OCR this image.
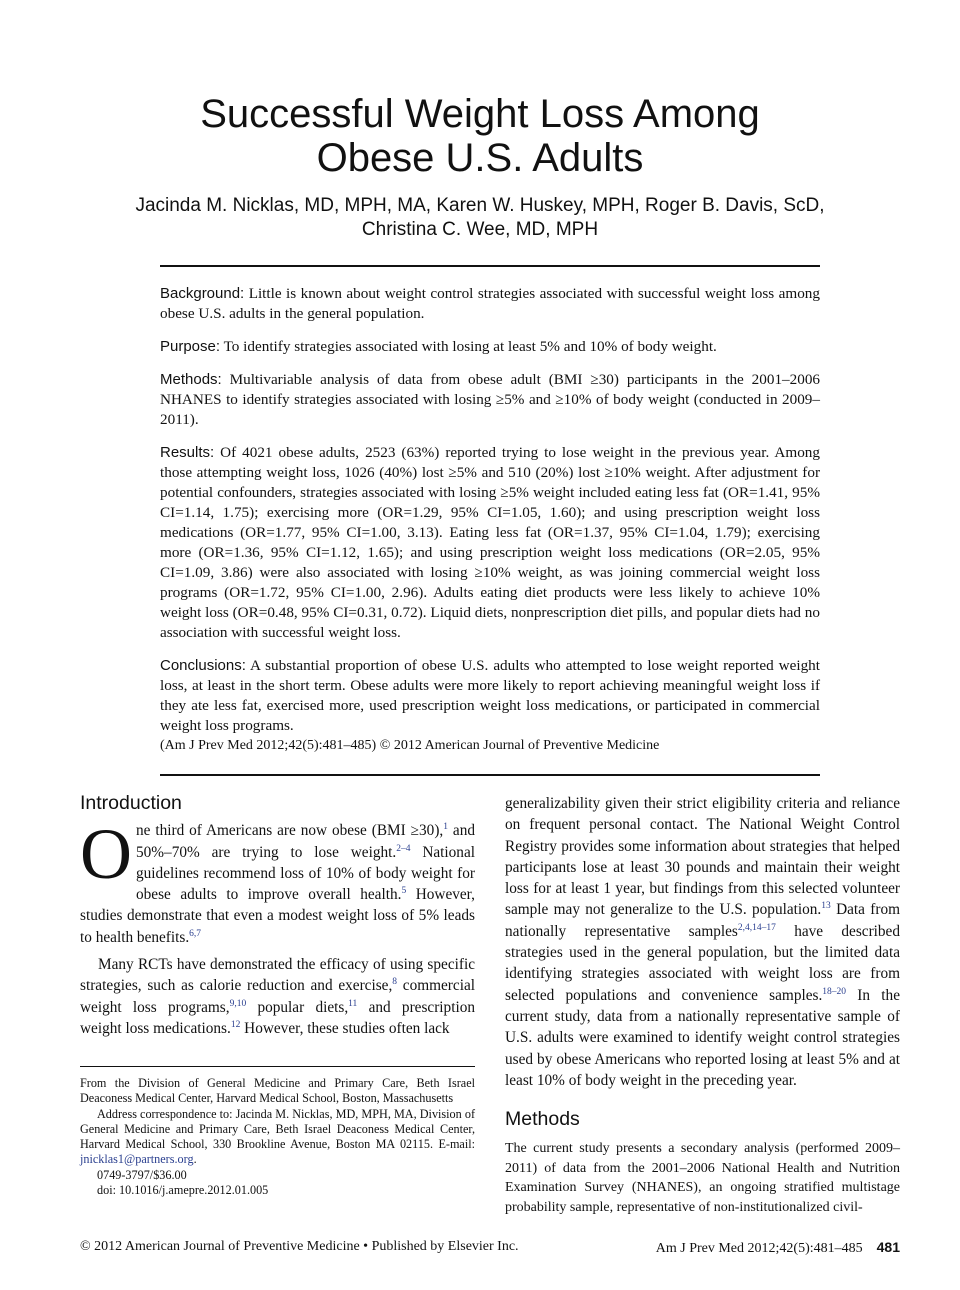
Successful Weight Loss Among
Obese U.S. Adults
Jacinda M. Nicklas, MD, MPH, MA, Karen W. Huskey, MPH, Roger B. Davis, ScD,
Christina C. Wee, MD, MPH

Background: Little is known about weight control strategies associated with successful weight loss among obese U.S. adults in the general population.

Purpose: To identify strategies associated with losing at least 5% and 10% of body weight.

Methods: Multivariable analysis of data from obese adult (BMI ≥30) participants in the 2001–2006 NHANES to identify strategies associated with losing ≥5% and ≥10% of body weight (conducted in 2009–2011).

Results: Of 4021 obese adults, 2523 (63%) reported trying to lose weight in the previous year. Among those attempting weight loss, 1026 (40%) lost ≥5% and 510 (20%) lost ≥10% weight. After adjustment for potential confounders, strategies associated with losing ≥5% weight included eating less fat (OR=1.41, 95% CI=1.14, 1.75); exercising more (OR=1.29, 95% CI=1.05, 1.60); and using prescription weight loss medications (OR=1.77, 95% CI=1.00, 3.13). Eating less fat (OR=1.37, 95% CI=1.04, 1.79); exercising more (OR=1.36, 95% CI=1.12, 1.65); and using prescription weight loss medications (OR=2.05, 95% CI=1.09, 3.86) were also associated with losing ≥10% weight, as was joining commercial weight loss programs (OR=1.72, 95% CI=1.00, 2.96). Adults eating diet products were less likely to achieve 10% weight loss (OR=0.48, 95% CI=0.31, 0.72). Liquid diets, nonprescription diet pills, and popular diets had no association with successful weight loss.

Conclusions: A substantial proportion of obese U.S. adults who attempted to lose weight reported weight loss, at least in the short term. Obese adults were more likely to report achieving meaningful weight loss if they ate less fat, exercised more, used prescription weight loss medications, or participated in commercial weight loss programs.

(Am J Prev Med 2012;42(5):481–485) © 2012 American Journal of Preventive Medicine

Introduction

One third of Americans are now obese (BMI ≥30),$^1$ and 50%–70% are trying to lose weight.$^{2-4}$ National guidelines recommend loss of 10% of body weight for obese adults to improve overall health.$^5$ However, studies demonstrate that even a modest weight loss of 5% leads to health benefits.$^{6,7}$

Many RCTs have demonstrated the efficacy of using specific strategies, such as calorie reduction and exercise,$^8$ commercial weight loss programs,$^{9,10}$ popular diets,$^{11}$ and prescription weight loss medications.$^{12}$ However, these studies often lack

From the Division of General Medicine and Primary Care, Beth Israel Deaconess Medical Center, Harvard Medical School, Boston, Massachusetts

Address correspondence to: Jacinda M. Nicklas, MD, MPH, MA, Division of General Medicine and Primary Care, Beth Israel Deaconess Medical Center, Harvard Medical School, 330 Brookline Avenue, Boston MA 02115. E-mail: jnicklas1@partners.org.

0749-3797/$36.00

doi: 10.1016/j.amepre.2012.01.005

generalizability given their strict eligibility criteria and reliance on frequent personal contact. The National Weight Control Registry provides some information about strategies that helped participants lose at least 30 pounds and maintain their weight loss for at least 1 year, but findings from this selected volunteer sample may not generalize to the U.S. population.$^{13}$ Data from nationally representative samples$^{2,4,14-17}$ have described strategies used in the general population, but the limited data identifying strategies associated with weight loss are from selected populations and convenience samples.$^{18-20}$ In the current study, data from a nationally representative sample of U.S. adults were examined to identify weight control strategies used by obese Americans who reported losing at least 5% and at least 10% of body weight in the preceding year.

Methods

The current study presents a secondary analysis (performed 2009–2011) of data from the 2001–2006 National Health and Nutrition Examination Survey (NHANES), an ongoing stratified multistage probability sample, representative of non-institutionalized civil-

© 2012 American Journal of Preventive Medicine • Published by Elsevier Inc.	Am J Prev Med 2012;42(5):481–485 481
